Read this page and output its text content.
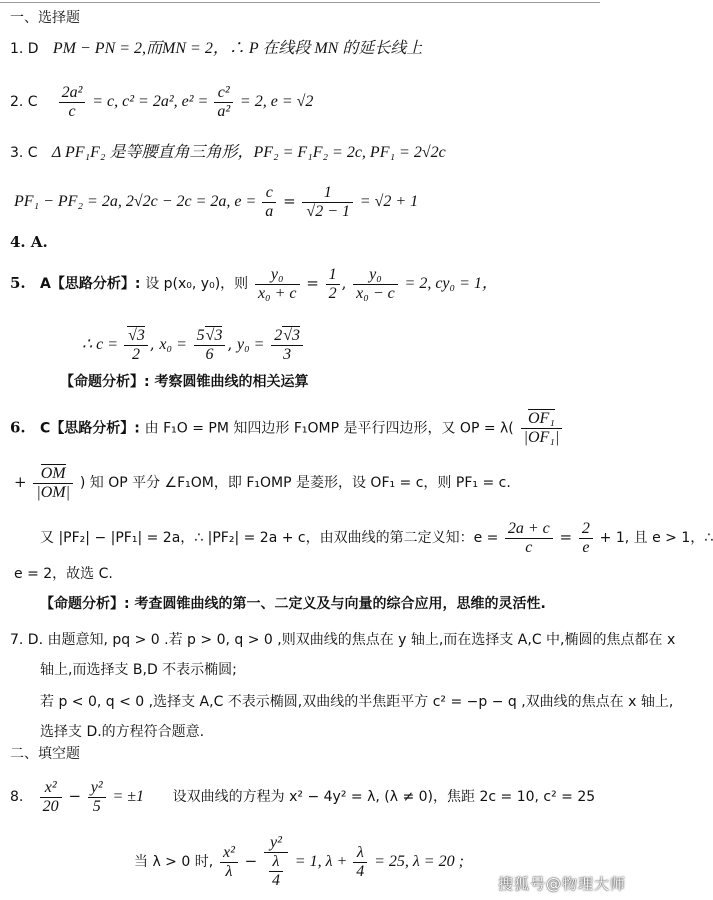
一、选择题
1. D PM − PN = 2,而MN = 2，∴ P 在线段 MN 的延长线上
2. C $\frac{\text{2a²}}{c} = c$, c² = 2a², $e^2 = \frac{\text{c²}}{\text{a²}} = 2$, e = √2
3. C Δ PF₁F₂ 是等腰直角三角形，PF₂ = F₁F₂ = 2c, PF₁ = 2√2c
PF₁ − PF₂ = 2a, 2√2c − 2c = 2a, $e = \frac{c}{a} = \frac{1}{√2 - 1} = √2 + 1$
4. A.
5. A【思路分析】: 设 p(x₀, y₀)，则 $\frac{\text{y₀}}{\text{x₀ + c}} = \frac{1}{2}$ , $\frac{\text{y₀}}{\text{x₀ − c}} = 2$, cy₀ = 1，
∴ $c = \frac{√3}{2}$ , $x_0 = \frac{5√3}{6}$ , $y_0 = \frac{2√3}{3}$
【命题分析】: 考察圆锥曲线的相关运算
6. C【思路分析】: 由 F₁O = PM 知四边形 F₁OMP 是平行四边形，又 OP = $\lambda( \frac{\text{OF₁}}{\text{|OF₁|}}$
+ $\frac{OM}{|OM|}$ ) 知 OP 平分 ∠F₁OM，即 F₁OMP 是菱形，设 OF₁ = c，则 PF₁ = c.
又 |PF₂| − |PF₁| = 2a，∴ |PF₂| = 2a + c，由双曲线的第二定义知：$e = \frac{2a + c}{c} = \frac{2}{e} + 1$, 且 e > 1，∴
e = 2，故选 C.
【命题分析】: 考查圆锥曲线的第一、二定义及与向量的综合应用，思维的灵活性.
7. D. 由题意知, pq > 0 .若 p > 0, q > 0 ,则双曲线的焦点在 y 轴上,而在选择支 A,C 中,椭圆的焦点都在 x
轴上,而选择支 B,D 不表示椭圆;
若 p < 0, q < 0 ,选择支 A,C 不表示椭圆,双曲线的半焦距平方 c² = −p − q ,双曲线的焦点在 x 轴上,
选择支 D.的方程符合题意.
二、填空题
8. $\frac{\text{x²}}{20} - \frac{\text{y²}}{5} = \pm 1$ 设双曲线的方程为 x² − 4y² = λ, (λ ≠ 0)，焦距 2c = 10, c² = 25
当 λ > 0 时, $\frac{\text{x²}}{\lambda} - \frac{\text{y²}}{\frac{\lambda}{4}} = 1$, $\lambda + \frac{\lambda}{4} = 25$, λ = 20 ;
搜狐号@物理大师
